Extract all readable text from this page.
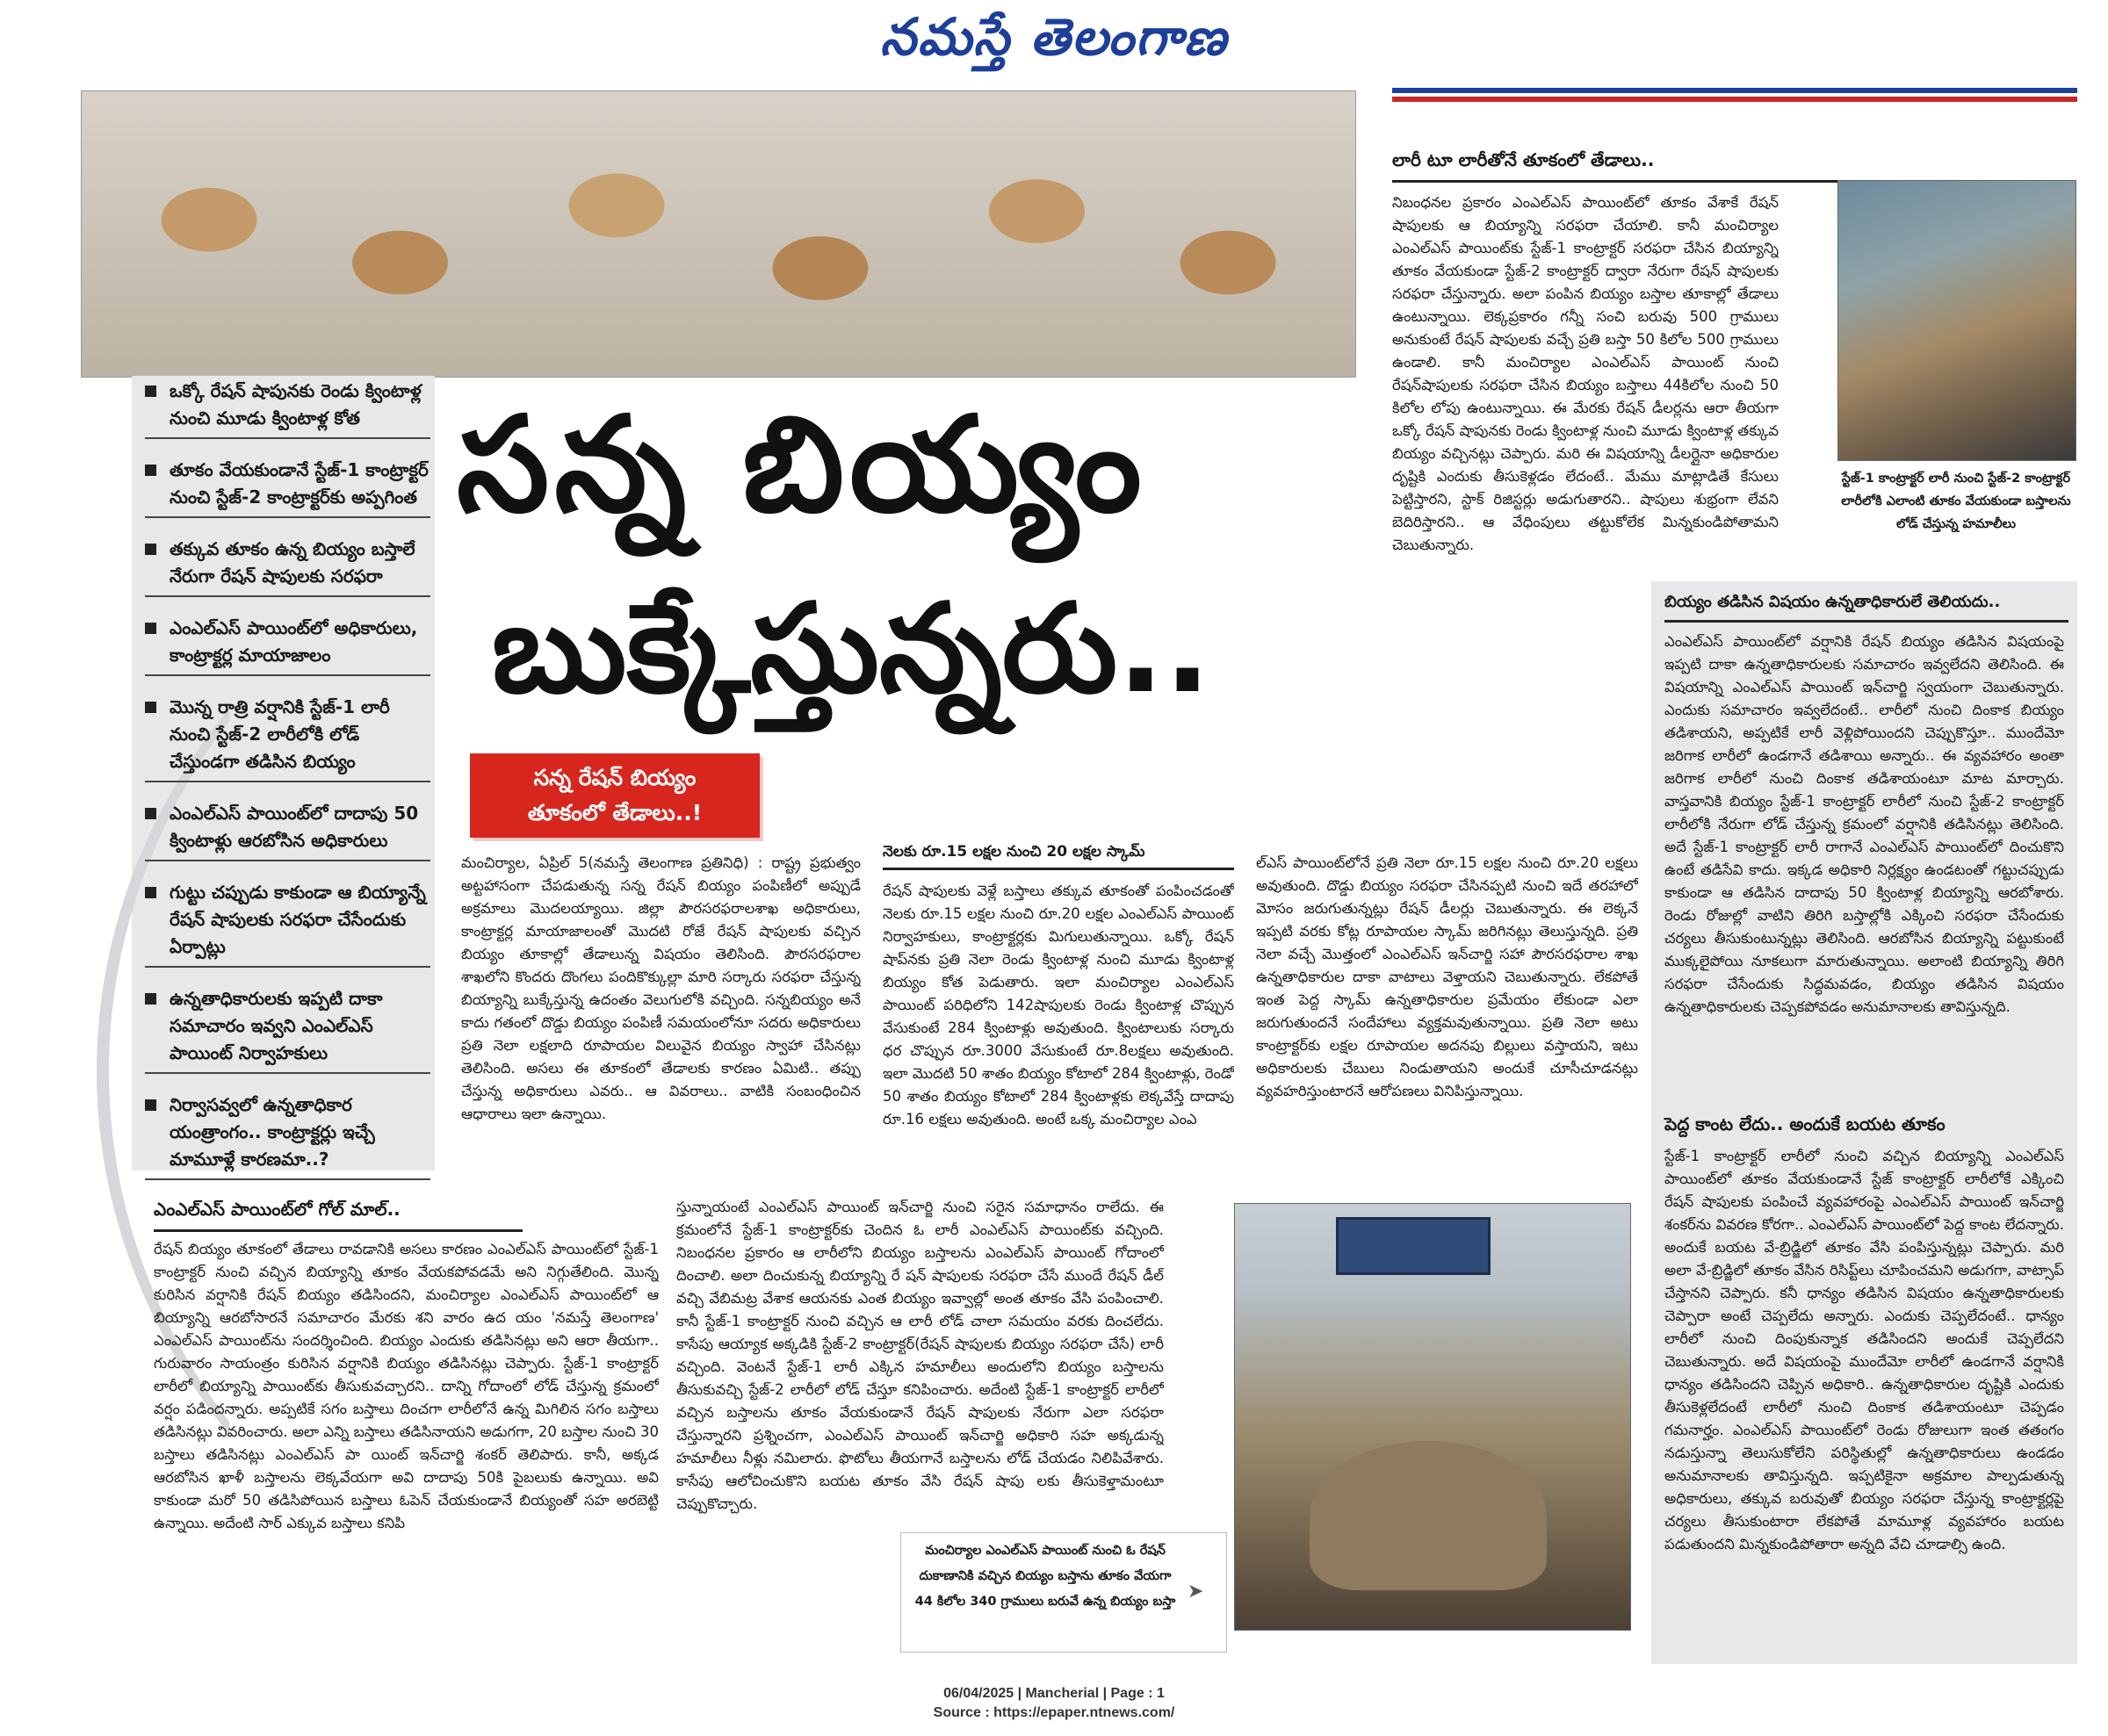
నమస్తే తెలంగాణ
ఒక్కో రేషన్ షాపునకు రెండు క్వింటాళ్ల నుంచి మూడు క్వింటాళ్ల కోత
తూకం వేయకుండానే స్టేజ్-1 కాంట్రాక్టర్ నుంచి స్టేజ్-2 కాంట్రాక్టర్‌కు అప్పగింత
తక్కువ తూకం ఉన్న బియ్యం బస్తాలే నేరుగా రేషన్ షాపులకు సరఫరా
ఎంఎల్ఎస్ పాయింట్‌లో అధికారులు, కాంట్రాక్టర్ల మాయాజాలం
మొన్న రాత్రి వర్షానికి స్టేజ్-1 లారీ నుంచి స్టేజ్-2 లారీలోకి లోడ్ చేస్తుండగా తడిసిన బియ్యం
ఎంఎల్ఎస్ పాయింట్‌లో దాదాపు 50 క్వింటాళ్లు ఆరబోసిన అధికారులు
గుట్టు చప్పుడు కాకుండా ఆ బియ్యాన్నే రేషన్ షాపులకు సరఫరా చేసేందుకు ఏర్పాట్లు
ఉన్నతాధికారులకు ఇప్పటి దాకా సమాచారం ఇవ్వని ఎంఎల్ఎస్ పాయింట్ నిర్వాహకులు
నిర్వాసవ్వలో ఉన్నతాధికార యంత్రాంగం.. కాంట్రాక్టర్లు ఇచ్చే మామూళ్లే కారణమా..?
సన్న బియ్యం
బుక్కేస్తున్నరు..
సన్న రేషన్ బియ్యం
తూకంలో తేడాలు..!
లారీ టూ లారీతోనే తూకంలో తేడాలు..
నిబంధనల ప్రకారం ఎంఎల్ఎస్ పాయింట్‌లో తూకం వేశాకే రేషన్ షాపులకు ఆ బియ్యాన్ని సరఫరా చేయాలి. కానీ మంచిర్యాల ఎంఎల్ఎస్ పాయింట్‌కు స్టేజ్-1 కాంట్రాక్టర్ సరఫరా చేసిన బియ్యాన్ని తూకం వేయకుండా స్టేజ్-2 కాంట్రాక్టర్ ద్వారా నేరుగా రేషన్ షాపులకు సరఫరా చేస్తున్నారు. అలా పంపిన బియ్యం బస్తాల తూకాల్లో తేడాలు ఉంటున్నాయి. లెక్కప్రకారం గన్నీ సంచి బరువు 500 గ్రాములు అనుకుంటే రేషన్ షాపులకు వచ్చే ప్రతి బస్తా 50 కిలోల 500 గ్రాములు ఉండాలి. కానీ మంచిర్యాల ఎంఎల్ఎస్ పాయింట్ నుంచి రేషన్‌షాపులకు సరఫరా చేసిన బియ్యం బస్తాలు 44కిలోల నుంచి 50 కిలోల లోపు ఉంటున్నాయి. ఈ మేరకు రేషన్ డీలర్లను ఆరా తీయగా ఒక్కో రేషన్ షాపునకు రెండు క్వింటాళ్ల నుంచి మూడు క్వింటాళ్ల తక్కువ బియ్యం వచ్చినట్లు చెప్పారు. మరి ఈ విషయాన్ని డీలర్లైనా అధికారుల దృష్టికి ఎందుకు తీసుకెళ్లడం లేదంటే.. మేము మాట్లాడితే కేసులు పెట్టిస్తారని, స్టాక్ రిజిస్టర్లు అడుగుతారని.. షాపులు శుభ్రంగా లేవని బెదిరిస్తారని.. ఆ వేధింపులు తట్టుకోలేక మిన్నకుండిపోతామని చెబుతున్నారు.
స్టేజ్-1 కాంట్రాక్టర్ లారీ నుంచి స్టేజ్-2 కాంట్రాక్టర్ లారీలోకి ఎలాంటి తూకం వేయకుండా బస్తాలను లోడ్ చేస్తున్న హమాలీలు
బియ్యం తడిసిన విషయం ఉన్నతాధికారులే తెలియదు..
ఎంఎల్ఎస్ పాయింట్‌లో వర్షానికి రేషన్ బియ్యం తడిసిన విషయంపై ఇప్పటి దాకా ఉన్నతాధికారులకు సమాచారం ఇవ్వలేదని తెలిసింది. ఈ విషయాన్ని ఎంఎల్ఎస్ పాయింట్ ఇన్‌చార్జి స్వయంగా చెబుతున్నారు. ఎందుకు సమాచారం ఇవ్వలేదంటే.. లారీలో నుంచి దింకాక బియ్యం తడిశాయని, అప్పటికే లారీ వెళ్లిపోయిందని చెప్పుకొస్తూ.. ముందేమో జరిగాక లారీలో ఉండగానే తడిశాయి అన్నారు.. ఈ వ్యవహారం అంతా జరిగాక లారీలో నుంచి దింకాక తడిశాయంటూ మాట మార్చారు. వాస్తవానికి బియ్యం స్టేజ్-1 కాంట్రాక్టర్ లారీలో నుంచి స్టేజ్-2 కాంట్రాక్టర్ లారీలోకి నేరుగా లోడ్ చేస్తున్న క్రమంలో వర్షానికి తడిసినట్లు తెలిసింది. అదే స్టేజ్-1 కాంట్రాక్టర్ లారీ రాగానే ఎంఎల్ఎస్ పాయింట్‌లో దించుకొని ఉంటే తడిసేవి కాదు. ఇక్కడ అధికారి నిర్లక్ష్యం ఉండటంతో గట్టుచప్పుడు కాకుండా ఆ తడిసిన దాదాపు 50 క్వింటాళ్ల బియ్యాన్ని ఆరబోశారు. రెండు రోజుల్లో వాటిని తిరిగి బస్తాల్లోకి ఎక్కించి సరఫరా చేసేందుకు చర్యలు తీసుకుంటున్నట్లు తెలిసింది. ఆరబోసిన బియ్యాన్ని పట్టుకుంటే ముక్కలైపోయి నూకలుగా మారుతున్నాయి. అలాంటి బియ్యాన్ని తిరిగి సరఫరా చేసేందుకు సిద్ధమవడం, బియ్యం తడిసిన విషయం ఉన్నతాధికారులకు చెప్పకపోవడం అనుమానాలకు తావిస్తున్నది.
పెద్ద కాంట లేదు.. అందుకే బయట తూకం
స్టేజ్-1 కాంట్రాక్టర్ లారీలో నుంచి వచ్చిన బియ్యాన్ని ఎంఎల్ఎస్ పాయింట్‌లో తూకం వేయకుండానే స్టేజ్ కాంట్రాక్టర్ లారీలోకే ఎక్కించి రేషన్ షాపులకు పంపించే వ్యవహారంపై ఎంఎల్ఎస్ పాయింట్ ఇన్‌చార్జి శంకర్‌ను వివరణ కోరగా.. ఎంఎల్ఎస్ పాయింట్‌లో పెద్ద కాంట లేదన్నారు. అందుకే బయట వే-బ్రిడ్జిలో తూకం వేసి పంపిస్తున్నట్లు చెప్పారు. మరి అలా వే-బ్రిడ్జిలో తూకం వేసిన రిసిప్ట్‌లు చూపించమని అడుగగా, వాట్సాప్ చేస్తానని చెప్పారు. కనీ ధాన్యం తడిసిన విషయం ఉన్నతాధికారులకు చెప్పారా అంటే చెప్పలేదు అన్నారు. ఎందుకు చెప్పలేదంటే.. ధాన్యం లారీలో నుంచి దింపుకున్నాక తడిసిందని అందుకే చెప్పలేదని చెబుతున్నారు. అదే విషయంపై ముందేమో లారీలో ఉండగానే వర్షానికి ధాన్యం తడిసిందని చెప్పిన అధికారి.. ఉన్నతాధికారుల దృష్టికి ఎందుకు తీసుకెళ్లలేదంటే లారీలో నుంచి దింకాక తడిశాయంటూ చెప్పడం గమనార్హం. ఎంఎల్ఎస్ పాయింట్‌లో రెండు రోజులుగా ఇంత తతంగం నడుస్తున్నా తెలుసుకోలేని పరిస్థితుల్లో ఉన్నతాధికారులు ఉండడం అనుమానాలకు తావిస్తున్నది. ఇప్పటికైనా అక్రమాల పాల్పడుతున్న అధికారులు, తక్కువ బరువుతో బియ్యం సరఫరా చేస్తున్న కాంట్రాక్టర్లపై చర్యలు తీసుకుంటారా లేకపోతే మామూళ్ల వ్యవహారం బయట పడుతుందని మిన్నకుండిపోతారా అన్నది వేచి చూడాల్సి ఉంది.
మంచిర్యాల, ఏప్రిల్ 5(నమస్తే తెలంగాణ ప్రతినిధి) : రాష్ట్ర ప్రభుత్వం అట్టహాసంగా చేపడుతున్న సన్న రేషన్ బియ్యం పంపిణీలో అప్పుడే అక్రమాలు మొదలయ్యాయి. జిల్లా పౌరసరఫరాలశాఖ అధికారులు, కాంట్రాక్టర్ల మాయాజాలంతో మొదటి రోజే రేషన్ షాపులకు వచ్చిన బియ్యం తూకాల్లో తేడాలున్న విషయం తెలిసింది. పౌరసరఫరాల శాఖలోని కొందరు దొంగలు పందికొక్కుల్లా మారి సర్కారు సరఫరా చేస్తున్న బియ్యాన్ని బుక్కేస్తున్న ఉదంతం వెలుగులోకి వచ్చింది. సన్నబియ్యం అనే కాదు గతంలో దొడ్డు బియ్యం పంపిణీ సమయంలోనూ సదరు అధికారులు ప్రతి నెలా లక్షలాది రూపాయల విలువైన బియ్యం స్వాహా చేసినట్లు తెలిసింది. అసలు ఈ తూకంలో తేడాలకు కారణం ఏమిటి.. తప్పు చేస్తున్న అధికారులు ఎవరు.. ఆ వివరాలు.. వాటికి సంబంధించిన ఆధారాలు ఇలా ఉన్నాయి.
నెలకు రూ.15 లక్షల నుంచి 20 లక్షల స్కామ్
రేషన్ షాపులకు వెళ్లే బస్తాలు తక్కువ తూకంతో పంపించడంతో నెలకు రూ.15 లక్షల నుంచి రూ.20 లక్షల ఎంఎల్ఎస్ పాయింట్ నిర్వాహకులు, కాంట్రాక్టర్లకు మిగులుతున్నాయి. ఒక్కో రేషన్ షాప్‌నకు ప్రతి నెలా రెండు క్వింటాళ్ల నుంచి మూడు క్వింటాళ్ల బియ్యం కోత పెడుతారు. ఇలా మంచిర్యాల ఎంఎల్ఎస్ పాయింట్ పరిధిలోని 142షాపులకు రెండు క్వింటాళ్ల చొప్పున వేసుకుంటే 284 క్వింటాళ్లు అవుతుంది. క్వింటాలుకు సర్కారు ధర చొప్పున రూ.3000 వేసుకుంటే రూ.8లక్షలు అవుతుంది. ఇలా మొదటి 50 శాతం బియ్యం కోటాలో 284 క్వింటాళ్లు, రెండో 50 శాతం బియ్యం కోటాలో 284 క్వింటాళ్లకు లెక్కవేస్తే దాదాపు రూ.16 లక్షలు అవుతుంది. అంటే ఒక్క మంచిర్యాల ఎంఎ
ల్ఎస్ పాయింట్‌లోనే ప్రతి నెలా రూ.15 లక్షల నుంచి రూ.20 లక్షలు అవుతుంది. దొడ్డు బియ్యం సరఫరా చేసినప్పటి నుంచి ఇదే తరహాలో మోసం జరుగుతున్నట్లు రేషన్ డీలర్లు చెబుతున్నారు. ఈ లెక్కనే ఇప్పటి వరకు కోట్ల రూపాయల స్కామ్ జరిగినట్లు తెలుస్తున్నది. ప్రతి నెలా వచ్చే మొత్తంలో ఎంఎల్ఎస్ ఇన్‌చార్జి సహా పౌరసరఫరాల శాఖ ఉన్నతాధికారుల దాకా వాటాలు వెళ్తాయని చెబుతున్నారు. లేకపోతే ఇంత పెద్ద స్కామ్ ఉన్నతాధికారుల ప్రమేయం లేకుండా ఎలా జరుగుతుందనే సందేహాలు వ్యక్తమవుతున్నాయి. ప్రతి నెలా అటు కాంట్రాక్టర్‌కు లక్షల రూపాయల అదనపు బిల్లులు వస్తాయని, ఇటు అధికారులకు చేబులు నిండుతాయని అందుకే చూసీచూడనట్లు వ్యవహరిస్తుంటారనే ఆరోపణలు వినిపిస్తున్నాయి.
ఎంఎల్ఎస్ పాయింట్‌లో గోల్ మాల్..
రేషన్ బియ్యం తూకంలో తేడాలు రావడానికి అసలు కారణం ఎంఎల్ఎస్ పాయింట్‌లో స్టేజ్-1 కాంట్రాక్టర్ నుంచి వచ్చిన బియ్యాన్ని తూకం వేయకపోవడమే అని నిగ్గుతేలింది. మొన్న కురిసిన వర్షానికి రేషన్ బియ్యం తడిసిందని, మంచిర్యాల ఎంఎల్ఎస్ పాయింట్‌లో ఆ బియ్యాన్ని ఆరబోసారనే సమాచారం మేరకు శని వారం ఉద యం 'నమస్తే తెలంగాణ' ఎంఎల్ఎస్ పాయింట్‌ను సందర్శించింది. బియ్యం ఎందుకు తడిసినట్లు అని ఆరా తీయగా.. గురువారం సాయంత్రం కురిసిన వర్షానికి బియ్యం తడిసినట్లు చెప్పారు. స్టేజ్-1 కాంట్రాక్టర్ లారీలో బియ్యాన్ని పాయింట్‌కు తీసుకువచ్చారని.. దాన్ని గోదాంలో లోడ్ చేస్తున్న క్రమంలో వర్షం పడిందన్నారు. అప్పటికే సగం బస్తాలు దించగా లారీలోనే ఉన్న మిగిలిన సగం బస్తాలు తడిసినట్లు వివరించారు. అలా ఎన్ని బస్తాలు తడిసినాయని అడుగగా, 20 బస్తాల నుంచి 30 బస్తాలు తడిసినట్లు ఎంఎల్ఎస్ పా యింట్ ఇన్‌చార్జి శంకర్ తెలిపారు. కానీ, అక్కడ ఆరబోసిన ఖాళీ బస్తాలను లెక్కవేయగా అవి దాదాపు 50కి పైబలుకు ఉన్నాయి. అవి కాకుండా మరో 50 తడిసిపోయిన బస్తాలు ఓపెన్ చేయకుండానే బియ్యంతో సహ అరబెట్టి ఉన్నాయి. అదేంటి సార్ ఎక్కువ బస్తాలు కనిపి
స్తున్నాయంటే ఎంఎల్ఎస్ పాయింట్ ఇన్‌చార్జి నుంచి సరైన సమాధానం రాలేదు. ఈ క్రమంలోనే స్టేజ్-1 కాంట్రాక్టర్‌కు చెందిన ఓ లారీ ఎంఎల్ఎస్ పాయింట్‌కు వచ్చింది. నిబంధనల ప్రకారం ఆ లారీలోని బియ్యం బస్తాలను ఎంఎల్ఎస్ పాయింట్ గోదాంలో దించాలి. అలా దించుకున్న బియ్యాన్ని రే షన్ షాపులకు సరఫరా చేసే ముందే రేషన్ డీల్ వచ్చి వేబిమట్ర వేశాక ఆయనకు ఎంత బియ్యం ఇవ్వాల్లో అంత తూకం వేసి పంపించాలి. కానీ స్టేజ్-1 కాంట్రాక్టర్ నుంచి వచ్చిన ఆ లారీ లోడ్ చాలా సమయం వరకు దించలేదు. కాసేపు ఆయ్యాక అక్కడికి స్టేజ్-2 కాంట్రాక్టర్(రేషన్ షాపులకు బియ్యం సరఫరా చేసే) లారీ వచ్చింది. వెంటనే స్టేజ్-1 లారీ ఎక్కిన హమాలీలు అందులోని బియ్యం బస్తాలను తీసుకువచ్చి స్టేజ్-2 లారీలో లోడ్ చేస్తూ కనిపించారు. అదేంటి స్టేజ్-1 కాంట్రాక్టర్ లారీలో వచ్చిన బస్తాలను తూకం వేయకుండానే రేషన్ షాపులకు నేరుగా ఎలా సరఫరా చేస్తున్నారని ప్రశ్నించగా, ఎంఎల్ఎస్ పాయింట్ ఇన్‌చార్జి అధికారి సహ అక్కడున్న హమాలీలు నీళ్లు నమిలారు. ఫొటోలు తీయగానే బస్తాలను లోడ్ చేయడం నిలిపివేశారు. కాసేపు ఆలోచించుకొని బయట తూకం వేసి రేషన్ షాపు లకు తీసుకెళ్తామంటూ చెప్పుకొచ్చారు.
మంచిర్యాల ఎంఎల్ఎస్ పాయింట్ నుంచి ఓ రేషన్ దుకాణానికి వచ్చిన బియ్యం బస్తాను తూకం వేయగా 44 కిలోల 340 గ్రాములు బరువే ఉన్న బియ్యం బస్తా ➤
06/04/2025 | Mancherial | Page : 1
Source : https://epaper.ntnews.com/
